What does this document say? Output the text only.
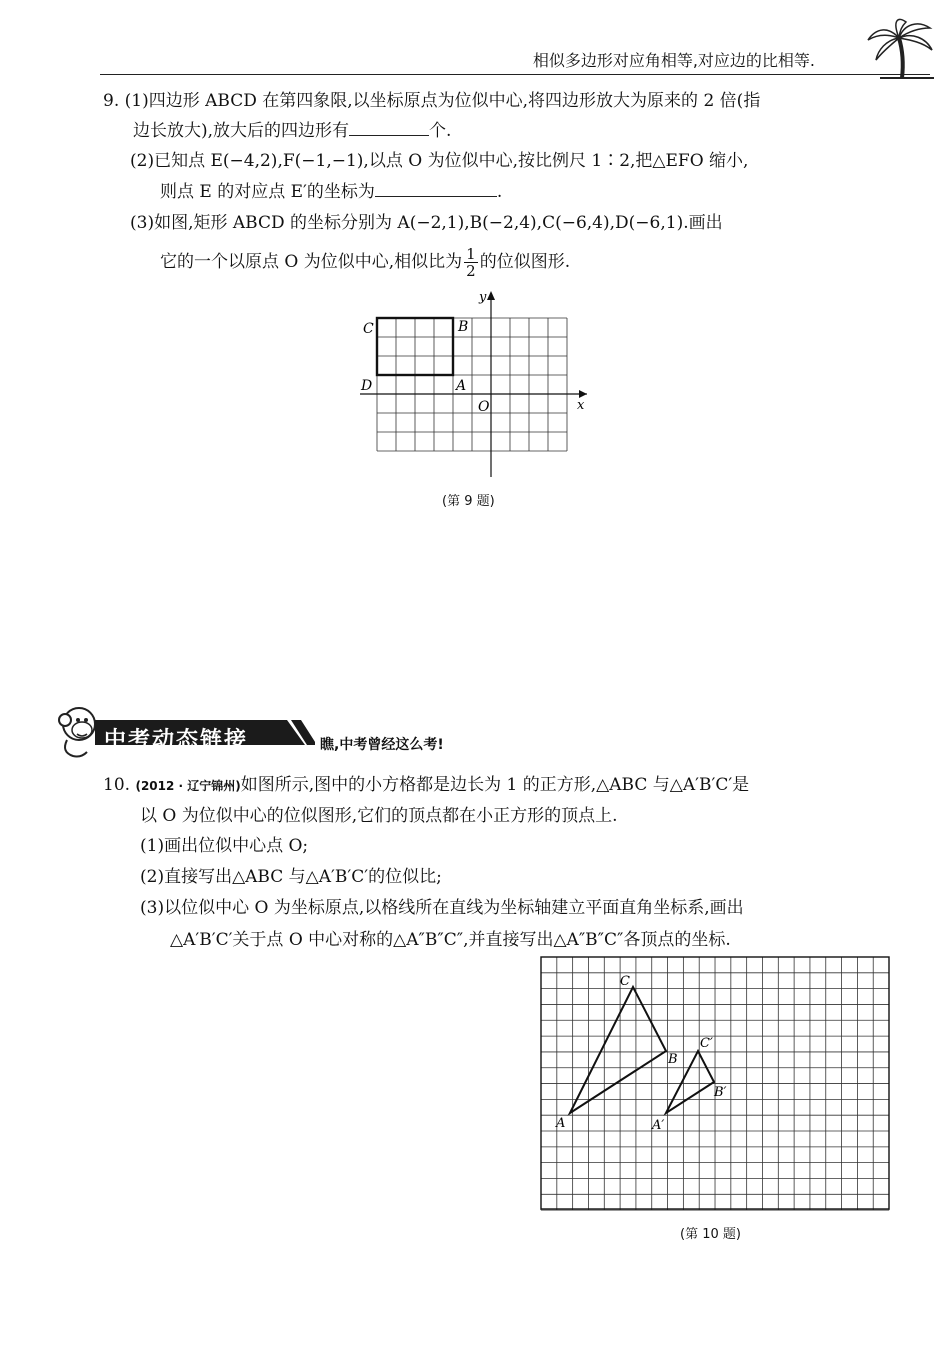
相似多边形对应角相等,对应边的比相等.
9. (1)四边形 ABCD 在第四象限,以坐标原点为位似中心,将四边形放大为原来的 2 倍(指
边长放大),放大后的四边形有	个.
(2)已知点 E(−4,2),F(−1,−1),以点 O 为位似中心,按比例尺 1∶2,把△EFO 缩小,
则点 E 的对应点 E′的坐标为	.
(3)如图,矩形 ABCD 的坐标分别为 A(−2,1),B(−2,4),C(−6,4),D(−6,1).画出
它的一个以原点 O 为位似中心,相似比为 $\frac{1}{2}$ 的位似图形.
C	B
D	A
O	x
y
(第 9 题)
中考动态链接	瞧,中考曾经这么考!
10. (2012 · 辽宁锦州)如图所示,图中的小方格都是边长为 1 的正方形,△ABC 与△A′B′C′是
以 O 为位似中心的位似图形,它们的顶点都在小正方形的顶点上.
(1)画出位似中心点 O;
(2)直接写出△ABC 与△A′B′C′的位似比;
(3)以位似中心 O 为坐标原点,以格线所在直线为坐标轴建立平面直角坐标系,画出
△A′B′C′关于点 O 中心对称的△A″B″C″,并直接写出△A″B″C″各顶点的坐标.
A
C
B
A′
C′
B′
(第 10 题)
